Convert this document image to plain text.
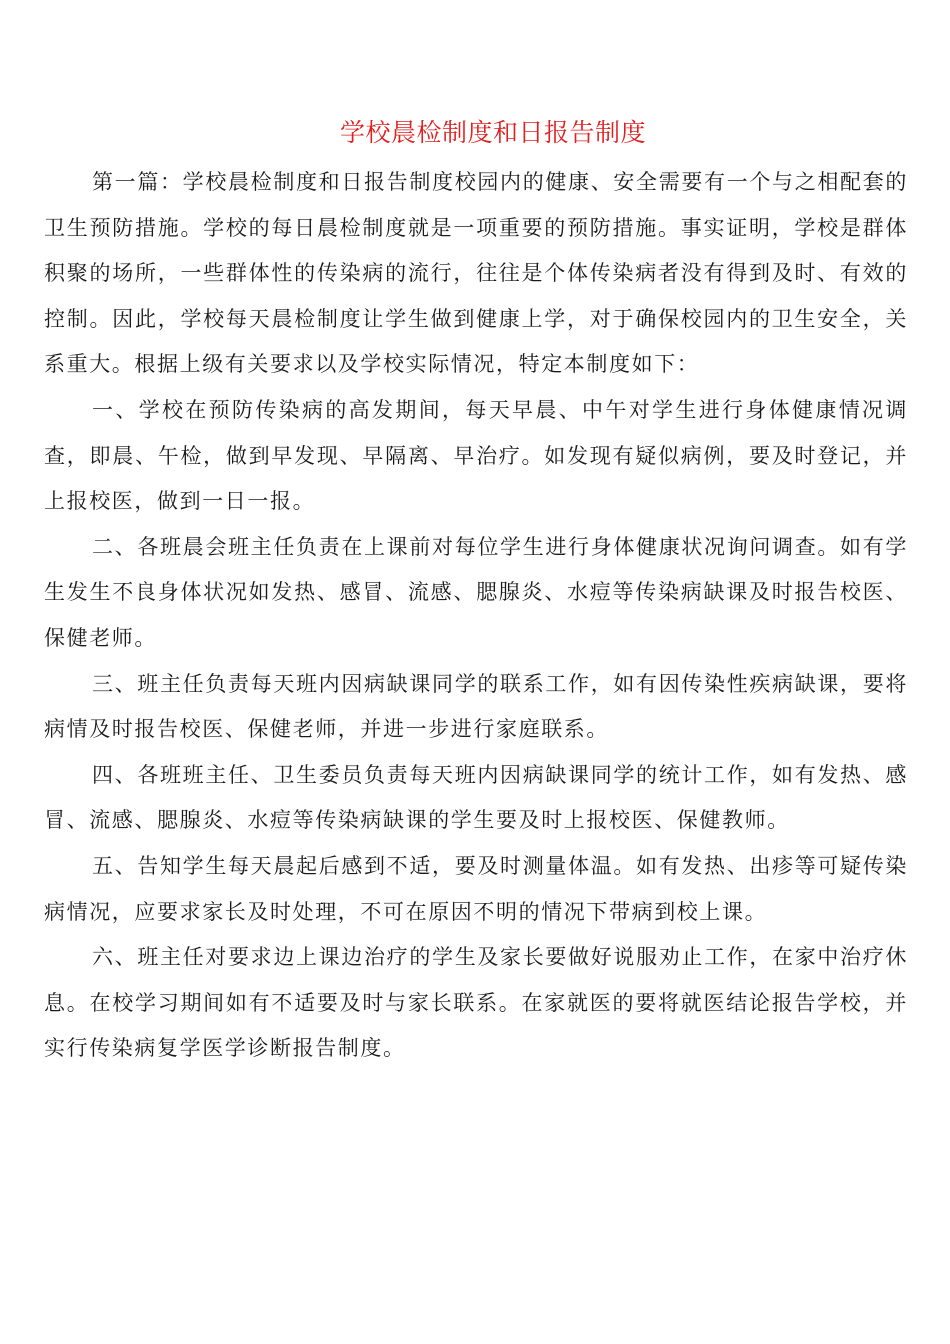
学校晨检制度和日报告制度

第一篇：学校晨检制度和日报告制度校园内的健康、安全需要有一个与之相配套的卫生预防措施。学校的每日晨检制度就是一项重要的预防措施。事实证明，学校是群体积聚的场所，一些群体性的传染病的流行，往往是个体传染病者没有得到及时、有效的控制。因此，学校每天晨检制度让学生做到健康上学，对于确保校园内的卫生安全，关系重大。根据上级有关要求以及学校实际情况，特定本制度如下：

一、学校在预防传染病的高发期间，每天早晨、中午对学生进行身体健康情况调查，即晨、午检，做到早发现、早隔离、早治疗。如发现有疑似病例，要及时登记，并上报校医，做到一日一报。

二、各班晨会班主任负责在上课前对每位学生进行身体健康状况询问调查。如有学生发生不良身体状况如发热、感冒、流感、腮腺炎、水痘等传染病缺课及时报告校医、保健老师。

三、班主任负责每天班内因病缺课同学的联系工作，如有因传染性疾病缺课，要将病情及时报告校医、保健老师，并进一步进行家庭联系。

四、各班班主任、卫生委员负责每天班内因病缺课同学的统计工作，如有发热、感冒、流感、腮腺炎、水痘等传染病缺课的学生要及时上报校医、保健教师。

五、告知学生每天晨起后感到不适，要及时测量体温。如有发热、出疹等可疑传染病情况，应要求家长及时处理，不可在原因不明的情况下带病到校上课。

六、班主任对要求边上课边治疗的学生及家长要做好说服劝止工作，在家中治疗休息。在校学习期间如有不适要及时与家长联系。在家就医的要将就医结论报告学校，并实行传染病复学医学诊断报告制度。
